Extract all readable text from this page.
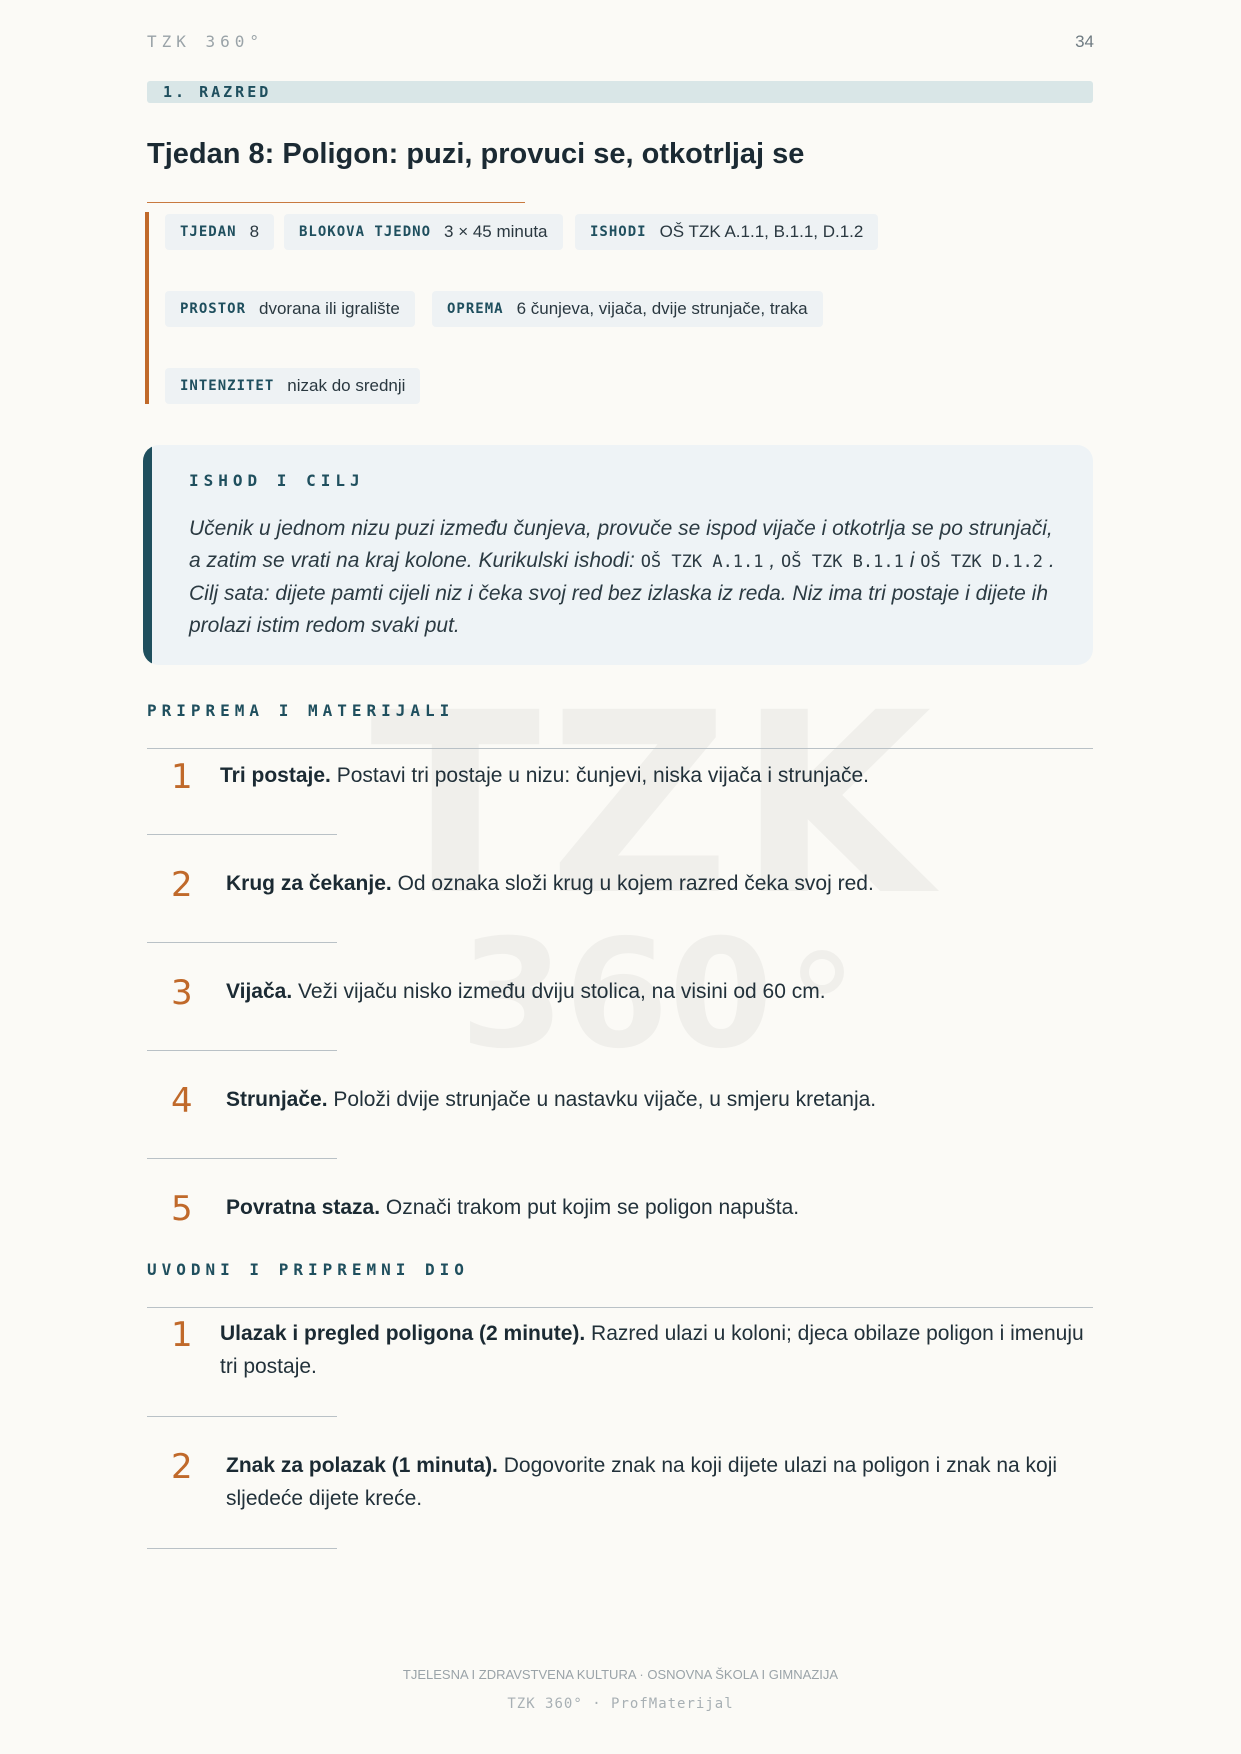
TZK 360°	34
1. RAZRED
Tjedan 8: Poligon: puzi, provuci se, otkotrljaj se
TJEDAN 8	BLOKOVA TJEDNO 3 × 45 minuta	ISHODI OŠ TZK A.1.1, B.1.1, D.1.2
PROSTOR dvorana ili igralište	OPREMA 6 čunjeva, vijača, dvije strunjače, traka
INTENZITET nizak do srednji
ISHOD I CILJ
Učenik u jednom nizu puzi između čunjeva, provuče se ispod vijače i otkotrlja se po strunjači, a zatim se vrati na kraj kolone. Kurikulski ishodi: OŠ TZK A.1.1 , OŠ TZK B.1.1 i OŠ TZK D.1.2 . Cilj sata: dijete pamti cijeli niz i čeka svoj red bez izlaska iz reda. Niz ima tri postaje i dijete ih prolazi istim redom svaki put.
PRIPREMA I MATERIJALI
1 Tri postaje. Postavi tri postaje u nizu: čunjevi, niska vijača i strunjače.
2 Krug za čekanje. Od oznaka složi krug u kojem razred čeka svoj red.
3 Vijača. Veži vijaču nisko između dviju stolica, na visini od 60 cm.
4 Strunjače. Položi dvije strunjače u nastavku vijače, u smjeru kretanja.
5 Povratna staza. Označi trakom put kojim se poligon napušta.
UVODNI I PRIPREMNI DIO
1 Ulazak i pregled poligona (2 minute). Razred ulazi u koloni; djeca obilaze poligon i imenuju tri postaje.
2 Znak za polazak (1 minuta). Dogovorite znak na koji dijete ulazi na poligon i znak na koji sljedeće dijete kreće.
TJELESNA I ZDRAVSTVENA KULTURA · OSNOVNA ŠKOLA I GIMNAZIJA
TZK 360° · ProfMaterijal
